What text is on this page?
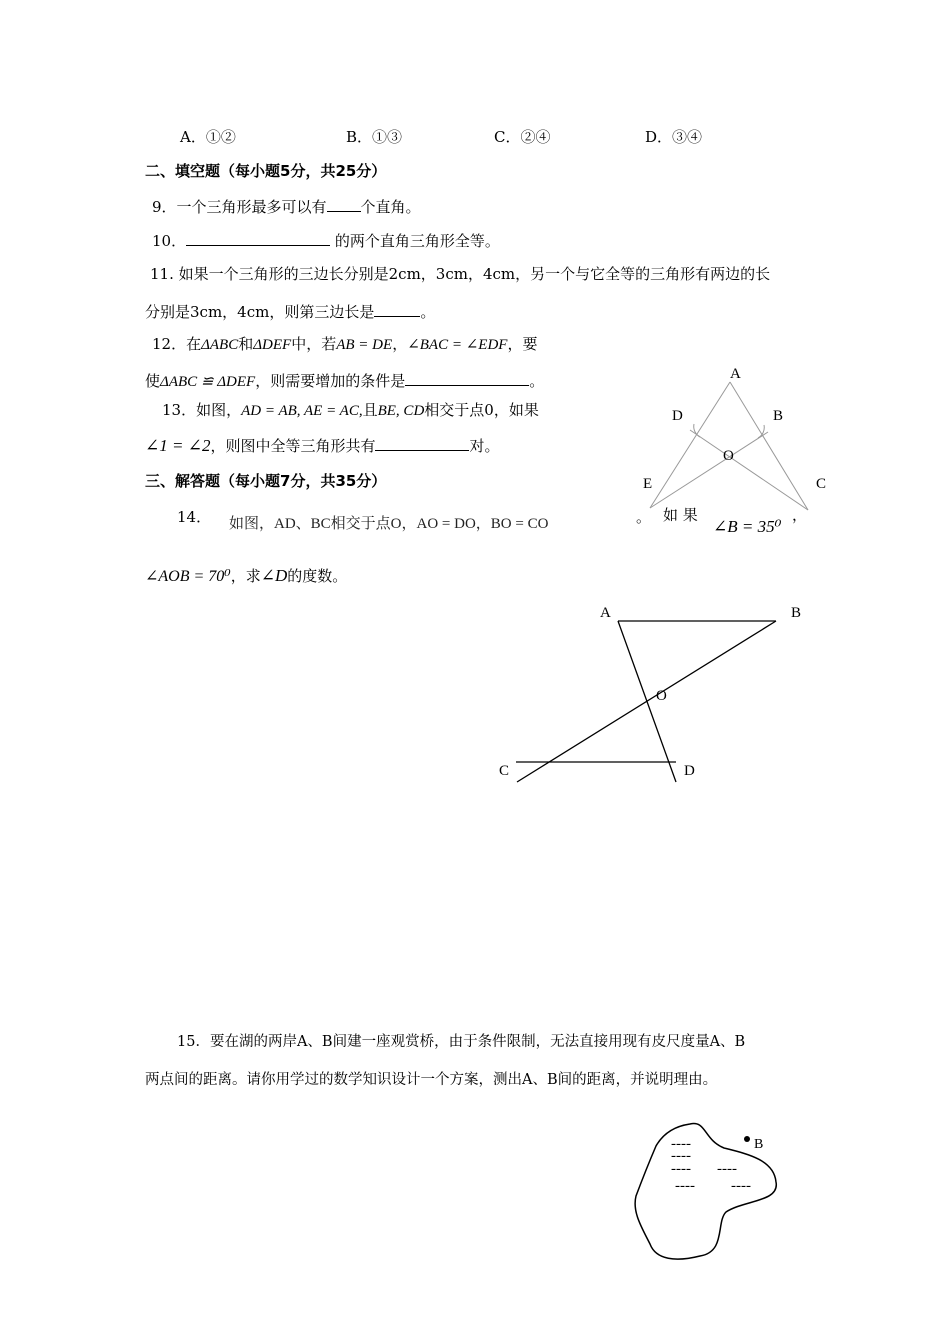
A．①②	B．①③	C．②④	D．③④
二、填空题（每小题5分，共25分）
9．一个三角形最多可以有 个直角。
10．	的两个直角三角形全等。
11. 如果一个三角形的三边长分别是2cm，3cm，4cm，另一个与它全等的三角形有两边的长
分别是3cm，4cm，则第三边长是	。
12．在ΔABC和ΔDEF中，若AB = DE，∠BAC = ∠EDF，要
使ΔABC ≌ ΔDEF，则需要增加的条件是	。
13．如图，AD = AB, AE = AC,且BE, CD相交于点0，如果
∠1 = ∠2，则图中全等三角形共有	对。
三、解答题（每小题7分，共35分）
14． 如图，AD、BC相交于点O，AO = DO，BO = CO	。 如 果
∠B = 35⁰
，
∠AOB = 70⁰，求∠D的度数。
15．要在湖的两岸A、B间建一座观赏桥，由于条件限制，无法直接用现有皮尺度量A、B
两点间的距离。请你用学过的数学知识设计一个方案，测出A、B间的距离，并说明理由。
A
D	B
O
E	C
A	B
O
C	D
B
----
----
---- ----
---- ----
